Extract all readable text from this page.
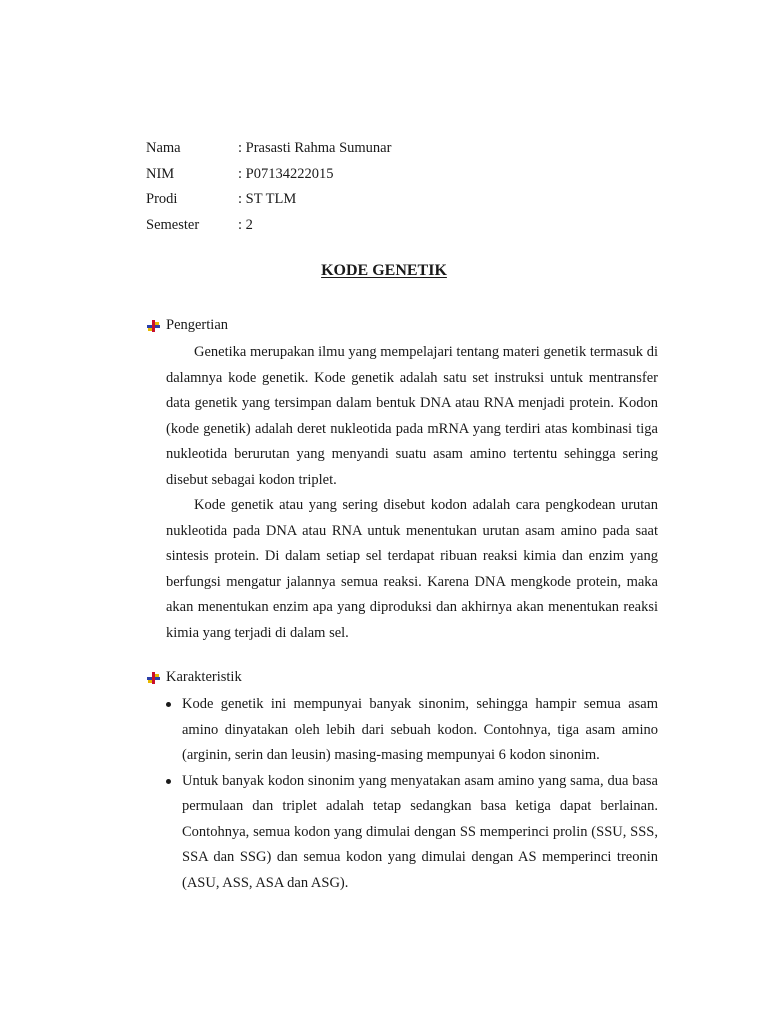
Nama	: Prasasti Rahma Sumunar
NIM	: P07134222015
Prodi	: ST TLM
Semester	: 2
KODE GENETIK
Pengertian

Genetika merupakan ilmu yang mempelajari tentang materi genetik termasuk di dalamnya kode genetik. Kode genetik adalah satu set instruksi untuk mentransfer data genetik yang tersimpan dalam bentuk DNA atau RNA menjadi protein. Kodon (kode genetik) adalah deret nukleotida pada mRNA yang terdiri atas kombinasi tiga nukleotida berurutan yang menyandi suatu asam amino tertentu sehingga sering disebut sebagai kodon triplet.

Kode genetik atau yang sering disebut kodon adalah cara pengkodean urutan nukleotida pada DNA atau RNA untuk menentukan urutan asam amino pada saat sintesis protein. Di dalam setiap sel terdapat ribuan reaksi kimia dan enzim yang berfungsi mengatur jalannya semua reaksi. Karena DNA mengkode protein, maka akan menentukan enzim apa yang diproduksi dan akhirnya akan menentukan reaksi kimia yang terjadi di dalam sel.

Karakteristik
Kode genetik ini mempunyai banyak sinonim, sehingga hampir semua asam amino dinyatakan oleh lebih dari sebuah kodon. Contohnya, tiga asam amino (arginin, serin dan leusin) masing-masing mempunyai 6 kodon sinonim.
Untuk banyak kodon sinonim yang menyatakan asam amino yang sama, dua basa permulaan dan triplet adalah tetap sedangkan basa ketiga dapat berlainan. Contohnya, semua kodon yang dimulai dengan SS memperinci prolin (SSU, SSS, SSA dan SSG) dan semua kodon yang dimulai dengan AS memperinci treonin (ASU, ASS, ASA dan ASG).
